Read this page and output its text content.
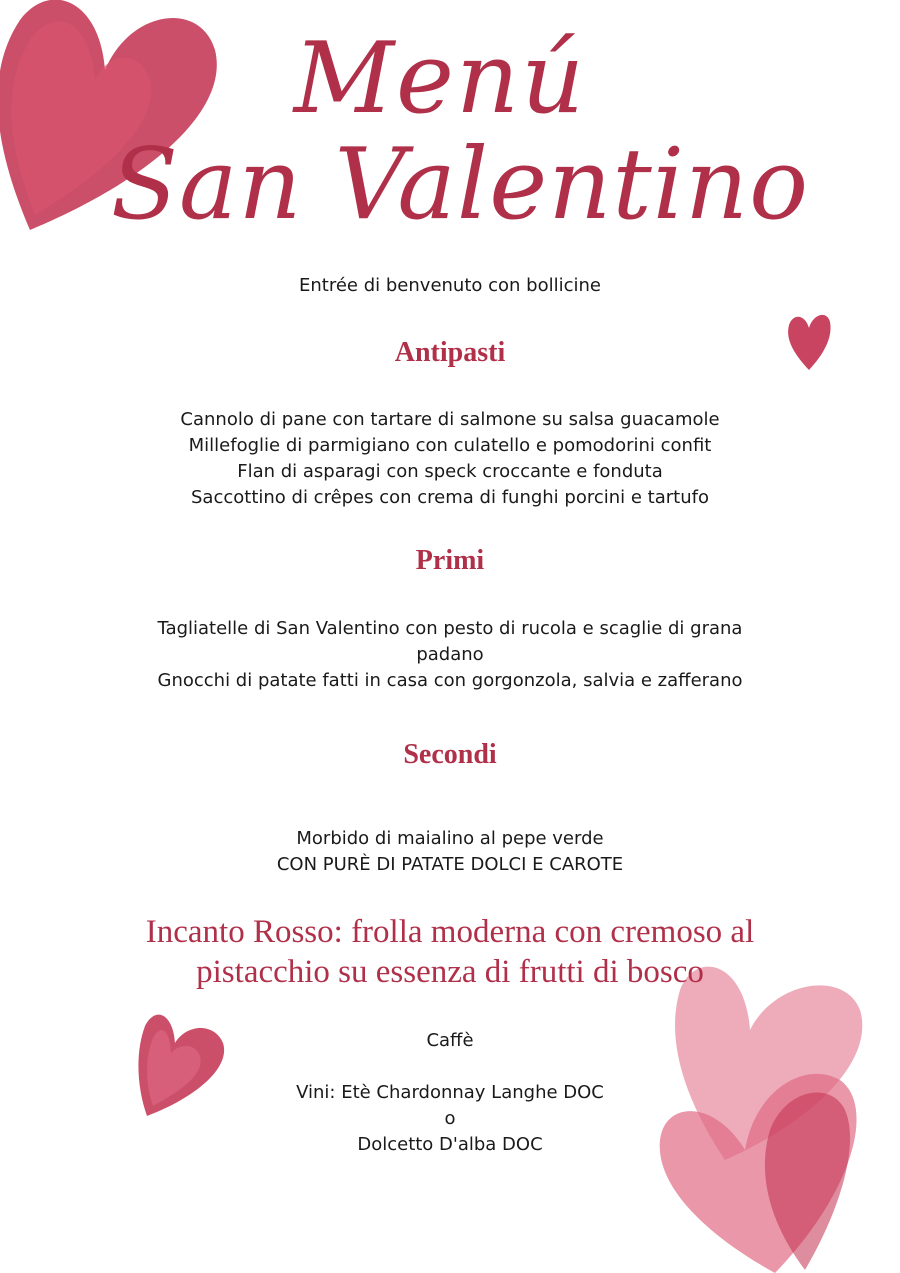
Menú
San Valentino

Entrée di benvenuto con bollicine

Antipasti

Cannolo di pane con tartare di salmone su salsa guacamole

Millefoglie di parmigiano con culatello e pomodorini confit

Flan di asparagi con speck croccante e fonduta

Saccottino di crêpes con crema di funghi porcini e tartufo

Primi

Tagliatelle di San Valentino con pesto di rucola e scaglie di grana

padano

Gnocchi di patate fatti in casa con gorgonzola, salvia e zafferano

Secondi

Morbido di maialino al pepe verde

CON PURÈ DI PATATE DOLCI E CAROTE

Incanto Rosso: frolla moderna con cremoso al

pistacchio su essenza di frutti di bosco

Caffè

Vini: Etè Chardonnay Langhe DOC

o

Dolcetto D'alba DOC
